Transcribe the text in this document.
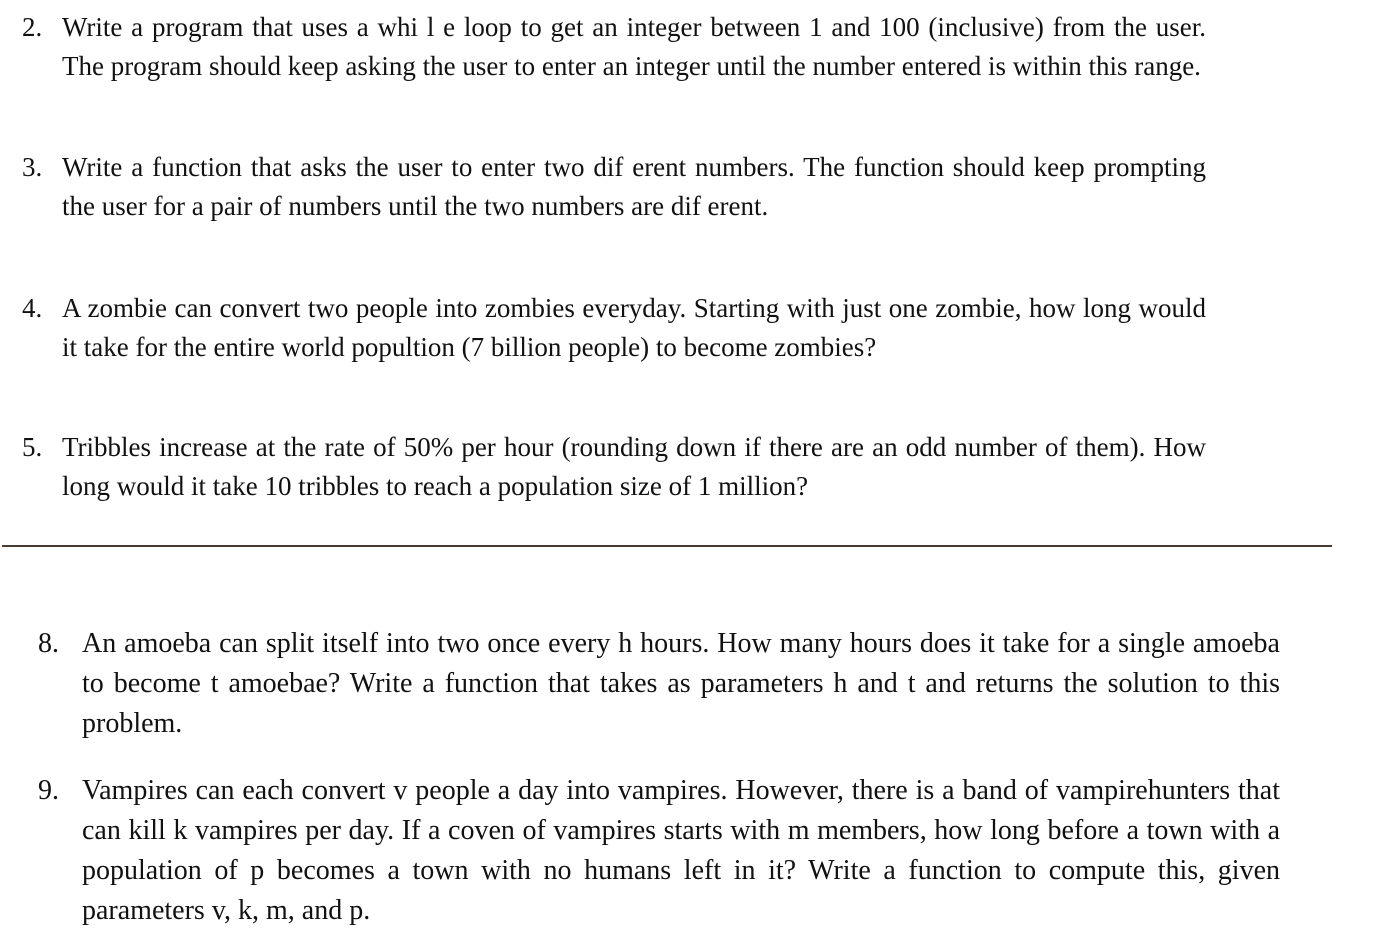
2. Write a program that uses a whi l e loop to get an integer between 1 and 100 (inclusive) from the user. The program should keep asking the user to enter an integer until the number entered is within this range.
3. Write a function that asks the user to enter two dif erent numbers. The function should keep prompting the user for a pair of numbers until the two numbers are dif erent.
4. A zombie can convert two people into zombies everyday. Starting with just one zombie, how long would it take for the entire world popultion (7 billion people) to become zombies?
5. Tribbles increase at the rate of 50% per hour (rounding down if there are an odd number of them). How long would it take 10 tribbles to reach a population size of 1 million?
8. An amoeba can split itself into two once every h hours. How many hours does it take for a single amoeba to become t amoebae? Write a function that takes as parameters h and t and returns the solution to this problem.
9. Vampires can each convert v people a day into vampires. However, there is a band of vampirehunters that can kill k vampires per day. If a coven of vampires starts with m members, how long before a town with a population of p becomes a town with no humans left in it? Write a function to compute this, given parameters v, k, m, and p.
